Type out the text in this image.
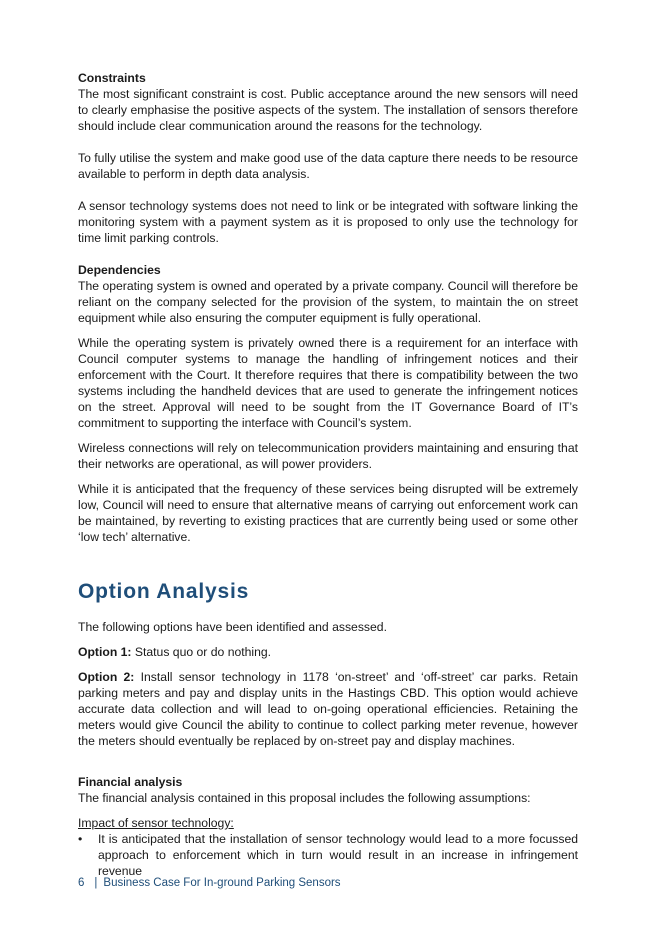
Constraints

The most significant constraint is cost. Public acceptance around the new sensors will need to clearly emphasise the positive aspects of the system. The installation of sensors therefore should include clear communication around the reasons for the technology.

To fully utilise the system and make good use of the data capture there needs to be resource available to perform in depth data analysis.

A sensor technology systems does not need to link or be integrated with software linking the monitoring system with a payment system as it is proposed to only use the technology for time limit parking controls.

Dependencies

The operating system is owned and operated by a private company. Council will therefore be reliant on the company selected for the provision of the system, to maintain the on street equipment while also ensuring the computer equipment is fully operational.

While the operating system is privately owned there is a requirement for an interface with Council computer systems to manage the handling of infringement notices and their enforcement with the Court. It therefore requires that there is compatibility between the two systems including the handheld devices that are used to generate the infringement notices on the street. Approval will need to be sought from the IT Governance Board of IT’s commitment to supporting the interface with Council’s system.

Wireless connections will rely on telecommunication providers maintaining and ensuring that their networks are operational, as will power providers.

While it is anticipated that the frequency of these services being disrupted will be extremely low, Council will need to ensure that alternative means of carrying out enforcement work can be maintained, by reverting to existing practices that are currently being used or some other ‘low tech’ alternative.

Option Analysis

The following options have been identified and assessed.

Option 1: Status quo or do nothing.

Option 2: Install sensor technology in 1178 ‘on-street’ and ‘off-street’ car parks. Retain parking meters and pay and display units in the Hastings CBD. This option would achieve accurate data collection and will lead to on-going operational efficiencies. Retaining the meters would give Council the ability to continue to collect parking meter revenue, however the meters should eventually be replaced by on-street pay and display machines.

Financial analysis

The financial analysis contained in this proposal includes the following assumptions:

Impact of sensor technology:

•	It is anticipated that the installation of sensor technology would lead to a more focussed approach to enforcement which in turn would result in an increase in infringement revenue

6 | Business Case For In-ground Parking Sensors
